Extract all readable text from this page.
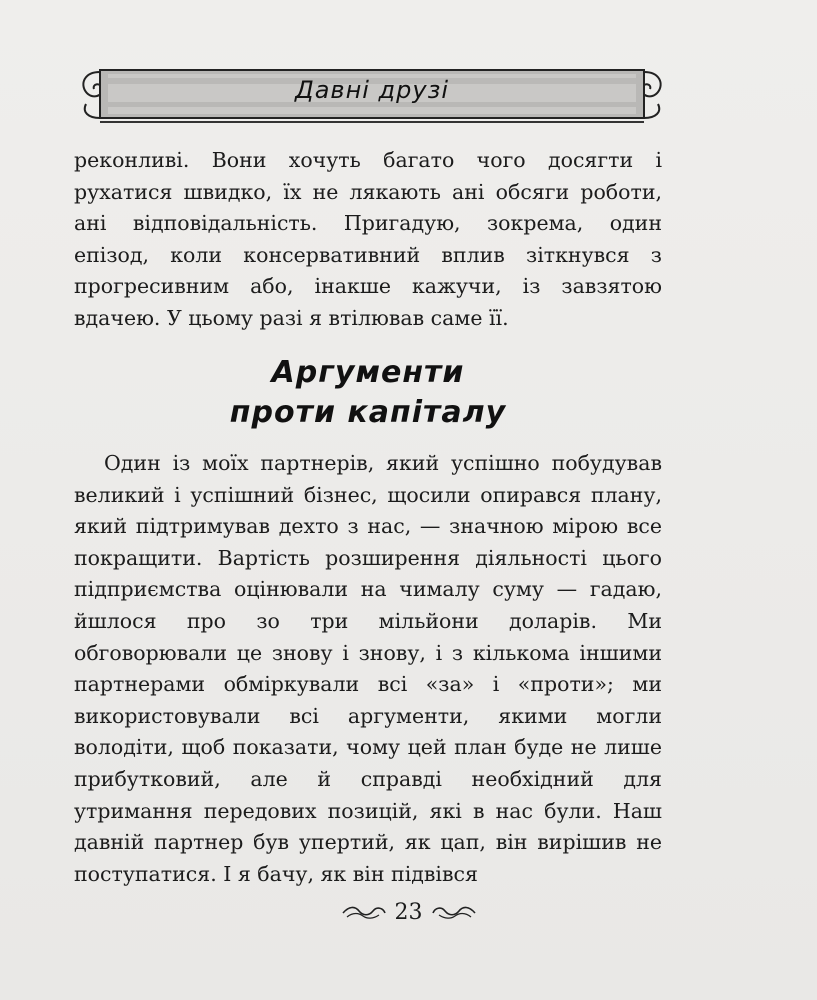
Давні друзі

реконливі. Вони хочуть багато чого досягти і рухатися швидко, їх не лякають ані обсяги роботи, ані відповідальність. Пригадую, зокрема, один епізод, коли консервативний вплив зіткнувся з прогресивним або, інакше кажучи, із завзятою вдачею. У цьому разі я втілював саме її.

Аргументи
проти капіталу

Один із моїх партнерів, який успішно побудував великий і успішний бізнес, щосили опирався плану, який підтримував дехто з нас, — значною мірою все покращити. Вартість розширення діяльності цього підприємства оцінювали на чималу суму — гадаю, йшлося про зо три мільйони доларів. Ми обговорювали це знову і знову, і з кількома іншими партнерами обміркували всі «за» і «проти»; ми використовували всі аргументи, якими могли володіти, щоб показати, чому цей план буде не лише прибутковий, але й справді необхідний для утримання передових позицій, які в нас були. Наш давній партнер був упертий, як цап, він вирішив не поступатися. І я бачу, як він підвівся

23
